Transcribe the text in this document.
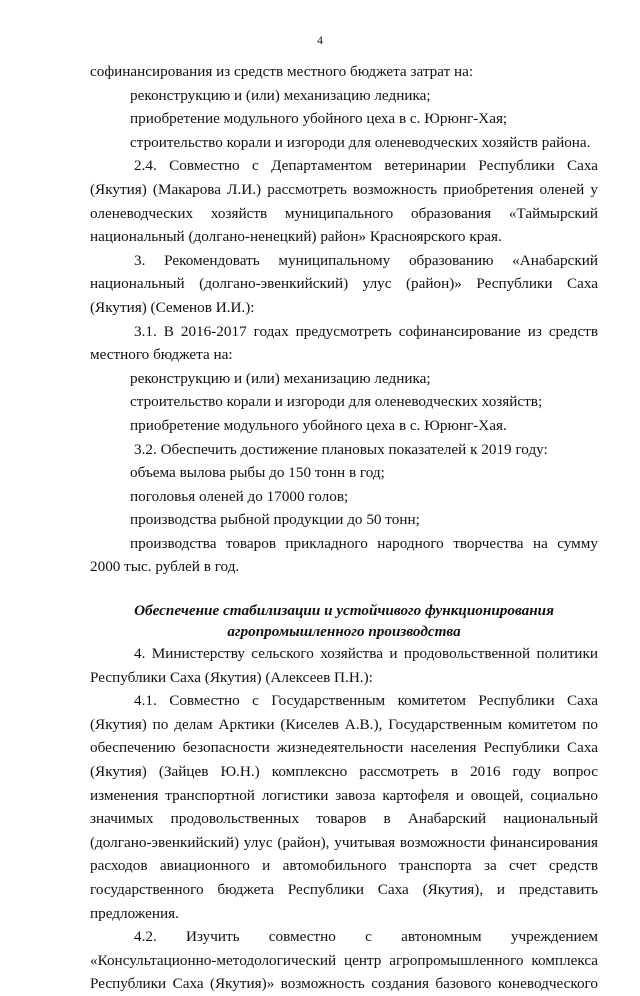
4
софинансирования из средств местного бюджета затрат на:
реконструкцию и (или) механизацию ледника;
приобретение модульного убойного цеха в с. Юрюнг-Хая;
строительство корали и изгороди для оленеводческих хозяйств района.
2.4. Совместно с Департаментом ветеринарии Республики Саха
(Якутия) (Макарова Л.И.) рассмотреть возможность приобретения оленей у
оленеводческих хозяйств муниципального образования «Таймырский
национальный (долгано-ненецкий) район» Красноярского края.
3. Рекомендовать муниципальному образованию «Анабарский
национальный (долгано-эвенкийский) улус (район)» Республики Саха
(Якутия) (Семенов И.И.):
3.1. В 2016-2017 годах предусмотреть софинансирование из средств
местного бюджета на:
реконструкцию и (или) механизацию ледника;
строительство корали и изгороди для оленеводческих хозяйств;
приобретение модульного убойного цеха в с. Юрюнг-Хая.
3.2. Обеспечить достижение плановых показателей к 2019 году:
объема вылова рыбы до 150 тонн в год;
поголовья оленей до 17000 голов;
производства рыбной продукции до 50 тонн;
производства товаров прикладного народного творчества на сумму
2000 тыс. рублей в год.
Обеспечение стабилизации и устойчивого функционирования
агропромышленного производства
4. Министерству сельского хозяйства и продовольственной политики
Республики Саха (Якутия) (Алексеев П.Н.):
4.1. Совместно с Государственным комитетом Республики Саха
(Якутия) по делам Арктики (Киселев А.В.), Государственным комитетом по
обеспечению безопасности жизнедеятельности населения Республики Саха
(Якутия) (Зайцев Ю.Н.) комплексно рассмотреть в 2016 году вопрос
изменения транспортной логистики завоза картофеля и овощей, социально
значимых продовольственных товаров в Анабарский национальный
(долгано-эвенкийский) улус (район), учитывая возможности финансирования
расходов авиационного и автомобильного транспорта за счет средств
государственного бюджета Республики Саха (Якутия), и представить
предложения.
4.2. Изучить совместно с автономным учреждением
«Консультационно-методологический центр агропромышленного комплекса
Республики Саха (Якутия)» возможность создания базового коневодческого
